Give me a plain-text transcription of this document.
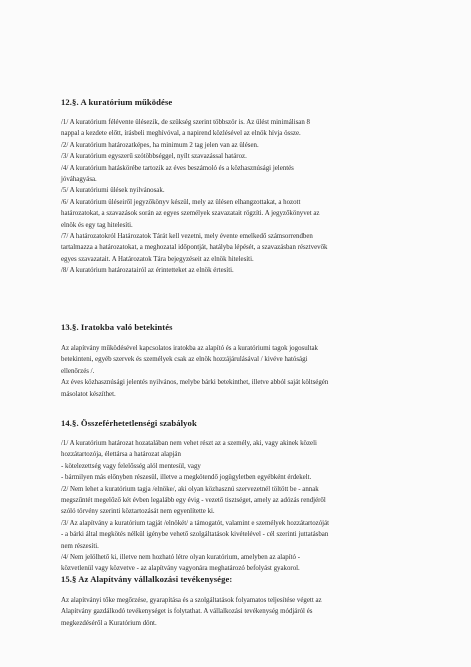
12.§. A kuratórium működése

/1/ A kuratórium félévente ülésezik, de szükség szerint többször is. Az ülést minimálisan 8
nappal a kezdete előtt, írásbeli meghívóval, a napirend közlésével az elnök hívja össze.

/2/ A kuratórium határozatképes, ha minimum 2 tag jelen van az ülésen.

/3/ A kuratórium egyszerű szótöbbséggel, nyílt szavazással határoz.

/4/ A kuratórium hatáskörébe tartozik az éves beszámoló és a közhasznúsági jelentés
jóváhagyása.

/5/ A kuratóriumi ülések nyilvánosak.

/6/ A kuratórium üléseiről jegyzőkönyv készül, mely az ülésen elhangzottakat, a hozott
határozatokat, a szavazások során az egyes személyek szavazatait rögzíti. A jegyzőkönyvet az
elnök és egy tag hitelesíti.

/7/ A határozatokról Határozatok Tárát kell vezetni, mely évente emelkedő számsorrendben
tartalmazza a határozatokat, a meghozatal időpontját, hatályba lépését, a szavazásban résztvevők
egyes szavazatait. A Határozatok Tára bejegyzéseit az elnök hitelesíti.

/8/ A kuratórium határozatairól az érintetteket az elnök értesíti.

13.§. Iratokba való betekintés

Az alapítvány működésével kapcsolatos iratokba az alapító és a kuratóriumi tagok jogosultak
betekinteni, egyéb szervek és személyek csak az elnök hozzájárulásával / kivéve hatósági
ellenőrzés /.

Az éves közhasznúsági jelentés nyilvános, melybe bárki betekinthet, illetve abból saját költségén
másolatot készíthet.

14.§. Összeférhetetlenségi szabályok

/1/ A kuratórium határozat hozatalában nem vehet részt az a személy, aki, vagy akinek közeli
hozzátartozója, élettársa a határozat alapján
- kötelezettség vagy felelősség alól mentesül, vagy
- bármilyen más előnyben részesül, illetve a megkötendő jogügyletben egyébként érdekelt.

/2/ Nem lehet a kuratórium tagja /elnöke/, aki olyan közhasznú szervezetnél töltött be - annak
megszűntét megelőző két évben legalább egy évig - vezető tisztséget, amely az adózás rendjéről
szóló törvény szerinti köztartozását nem egyenlítette ki.

/3/ Az alapítvány a kuratórium tagját /elnökét/ a támogatót, valamint e személyek hozzátartozóját
- a bárki által megkötés nélkül igénybe vehető szolgáltatások kivételével - cél szerinti juttatásban
nem részesíti.

/4/ Nem jelölhető ki, illetve nem hozható létre olyan kuratórium, amelyben az alapító -
közvetlenül vagy közvetve - az alapítvány vagyonára meghatározó befolyást gyakorol.

15.§ Az Alapítvány vállalkozási tevékenysége:

Az alapítványi tőke megőrzése, gyarapítása és a szolgáltatások folyamatos teljesítése végett az
Alapítvány gazdálkodó tevékenységet is folytathat. A vállalkozási tevékenység módjáról és
megkezdéséről a Kuratórium dönt.
